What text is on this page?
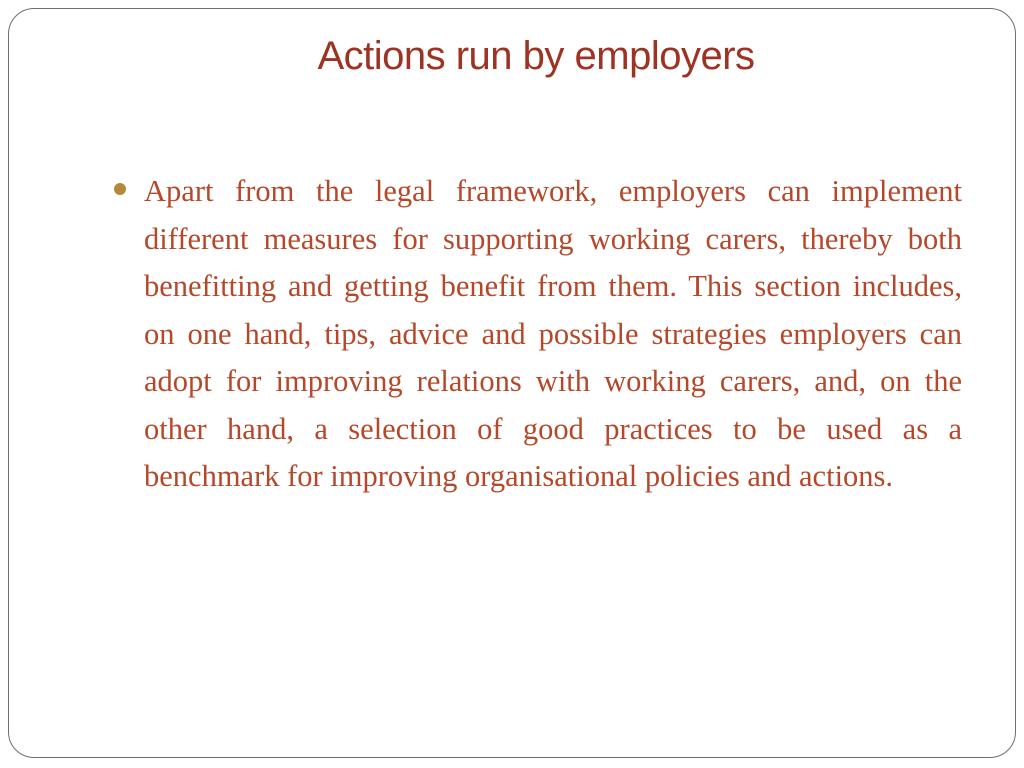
Actions run by employers

Apart from the legal framework, employers can implement different measures for supporting working carers, thereby both benefitting and getting benefit from them. This section includes, on one hand, tips, advice and possible strategies employers can adopt for improving relations with working carers, and, on the other hand, a selection of good practices to be used as a benchmark for improving organisational policies and actions.
